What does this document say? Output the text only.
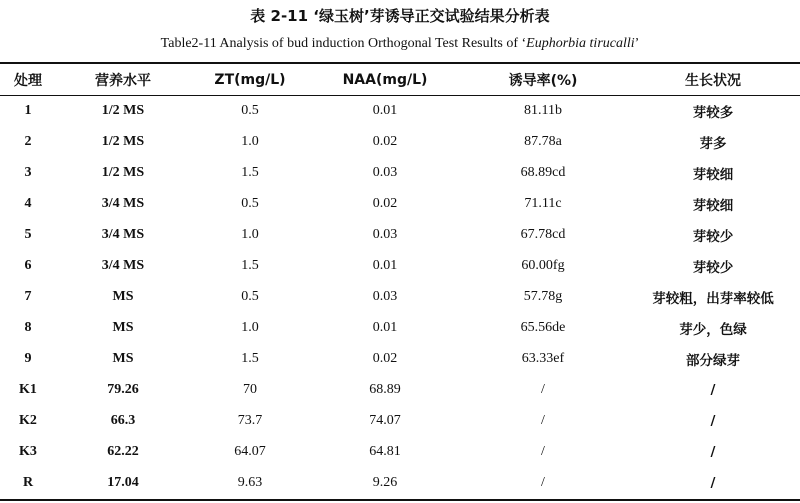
表 2-11 ‘绿玉树’芽诱导正交试验结果分析表
Table2-11 Analysis of bud induction Orthogonal Test Results of ‘Euphorbia tirucalli’
处理	营养水平	ZT(mg/L)	NAA(mg/L)	诱导率(%)	生长状况
1	1/2 MS	0.5	0.01	81.11b	芽较多
2	1/2 MS	1.0	0.02	87.78a	芽多
3	1/2 MS	1.5	0.03	68.89cd	芽较细
4	3/4 MS	0.5	0.02	71.11c	芽较细
5	3/4 MS	1.0	0.03	67.78cd	芽较少
6	3/4 MS	1.5	0.01	60.00fg	芽较少
7	MS	0.5	0.03	57.78g	芽较粗，出芽率较低
8	MS	1.0	0.01	65.56de	芽少，色绿
9	MS	1.5	0.02	63.33ef	部分绿芽
K1	79.26	70	68.89	/	/
K2	66.3	73.7	74.07	/	/
K3	62.22	64.07	64.81	/	/
R	17.04	9.63	9.26	/	/
